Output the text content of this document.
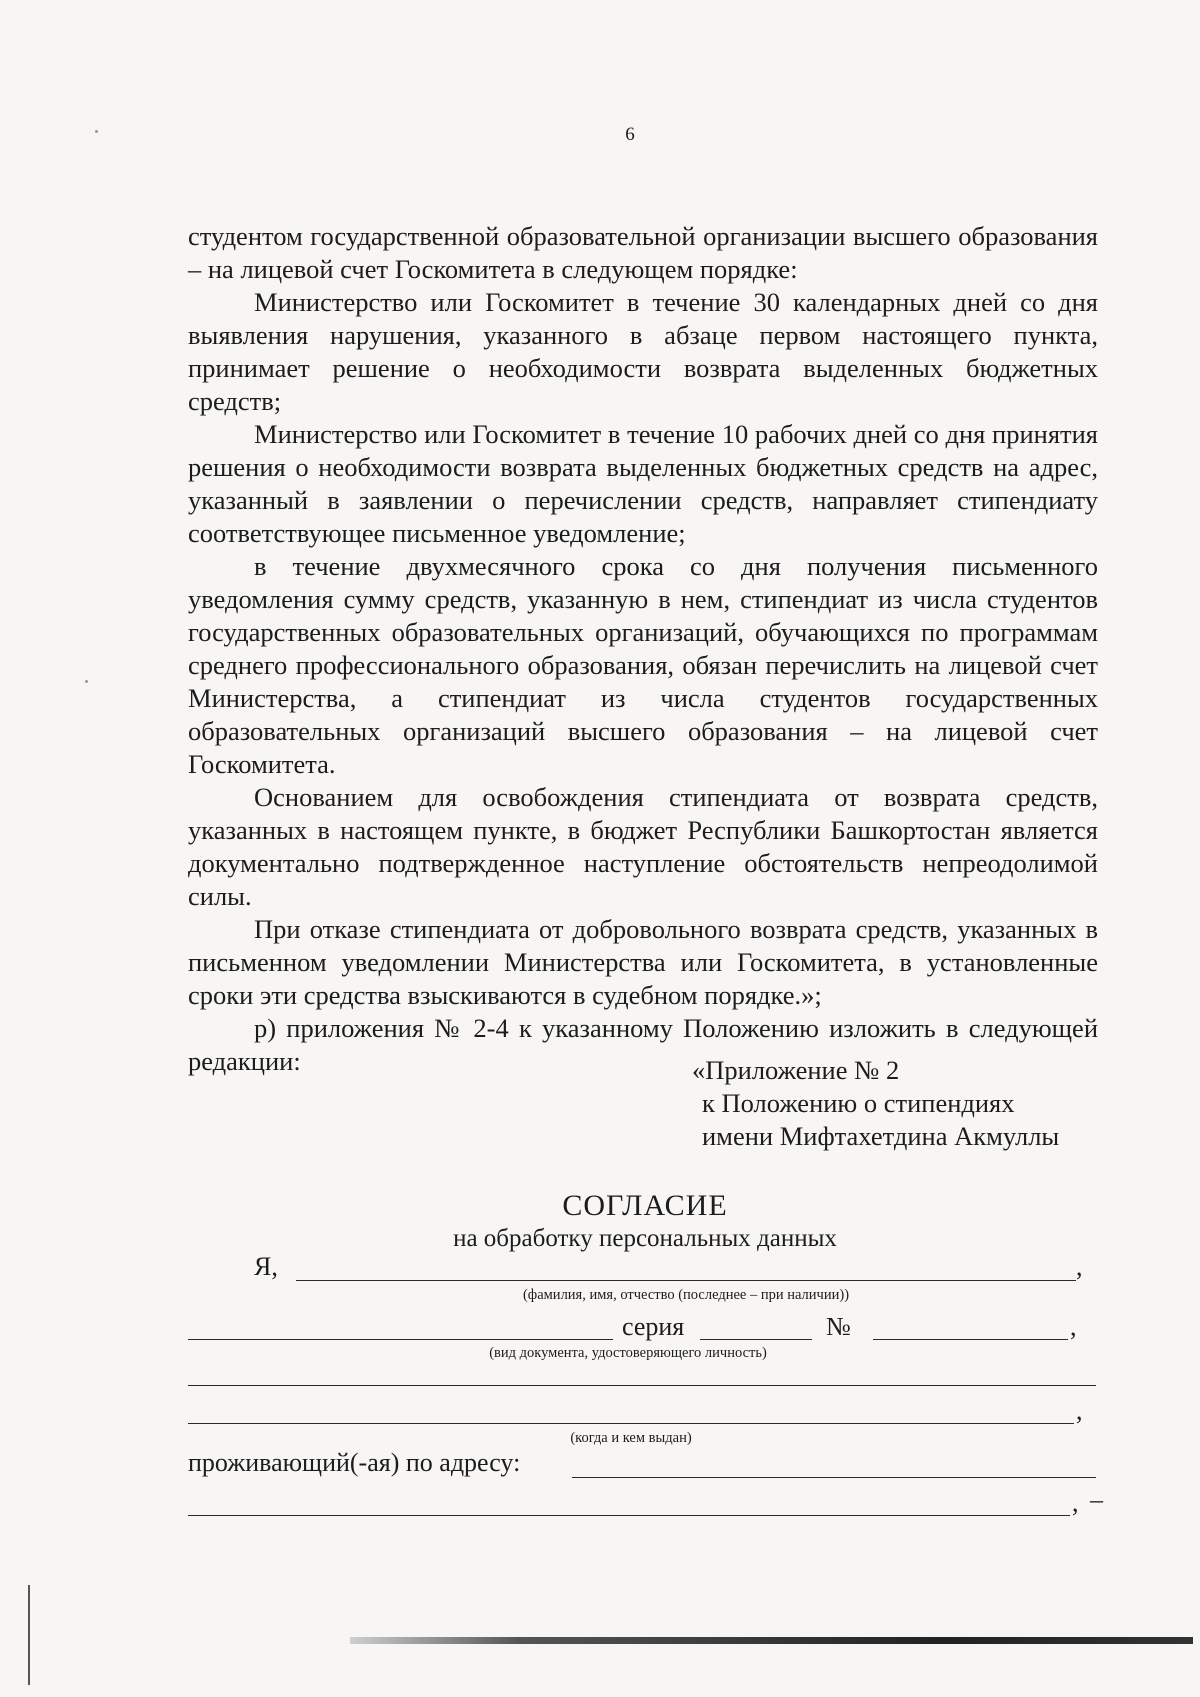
6

студентом государственной образовательной организации высшего образования – на лицевой счет Госкомитета в следующем порядке:

Министерство или Госкомитет в течение 30 календарных дней со дня выявления нарушения, указанного в абзаце первом настоящего пункта, принимает решение о необходимости возврата выделенных бюджетных средств;

Министерство или Госкомитет в течение 10 рабочих дней со дня принятия решения о необходимости возврата выделенных бюджетных средств на адрес, указанный в заявлении о перечислении средств, направляет стипендиату соответствующее письменное уведомление;

в течение двухмесячного срока со дня получения письменного уведомления сумму средств, указанную в нем, стипендиат из числа студентов государственных образовательных организаций, обучающихся по программам среднего профессионального образования, обязан перечислить на лицевой счет Министерства, а стипендиат из числа студентов государственных образовательных организаций высшего образования – на лицевой счет Госкомитета.

Основанием для освобождения стипендиата от возврата средств, указанных в настоящем пункте, в бюджет Республики Башкортостан является документально подтвержденное наступление обстоятельств непреодолимой силы.

При отказе стипендиата от добровольного возврата средств, указанных в письменном уведомлении Министерства или Госкомитета, в установленные сроки эти средства взыскиваются в судебном порядке.»;

р) приложения № 2-4 к указанному Положению изложить в следующей редакции:	«Приложение № 2
к Положению о стипендиях
имени Мифтахетдина Акмуллы
СОГЛАСИЕ
на обработку персональных данных
Я,	,
(фамилия, имя, отчество (последнее – при наличии))
серия	№	,
(вид документа, удостоверяющего личность)
,
(когда и кем выдан)
проживающий(-ая) по адресу:
, –
